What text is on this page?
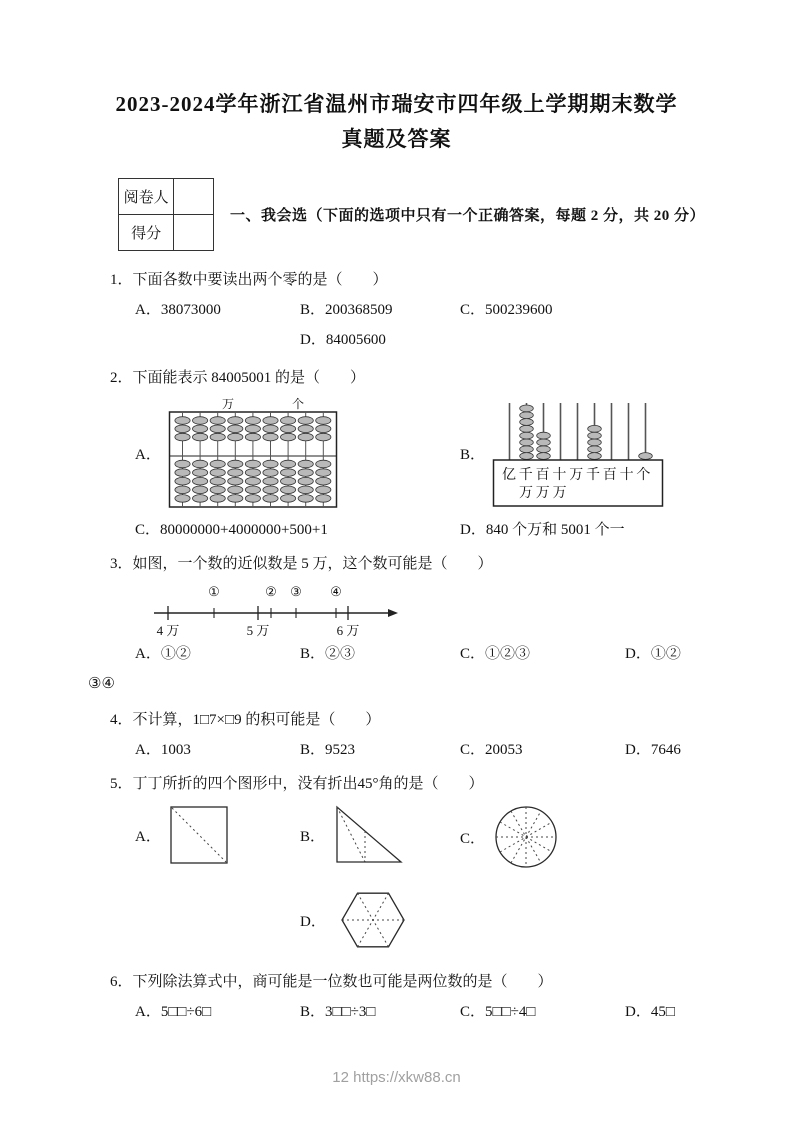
2023-2024学年浙江省温州市瑞安市四年级上学期期末数学
真题及答案
阅卷人	
得分	
一、我会选（下面的选项中只有一个正确答案，每题 2 分，共 20 分）
1．下面各数中要读出两个零的是（　　）
A．38073000	B．200368509	C．500239600
D．84005600
2．下面能表示 84005001 的是（　　）
A．
万	个
B．
亿千百十万千百十个
万万万
C．80000000+4000000+500+1	D．840 个万和 5001 个一
3．如图，一个数的近似数是 5 万，这个数可能是（　　）
4 万	5 万	6 万
①	② ③ ④
A．①②	B．②③	C．①②③	D．①②
③④
4．不计算，1□7×□9 的积可能是（　　）
A．1003	B．9523	C．20053	D．7646
5．丁丁所折的四个图形中，没有折出45°角的是（　　）
A．	B．	C．
D．
6．下列除法算式中，商可能是一位数也可能是两位数的是（　　）
A．5□□÷6□	B．3□□÷3□	C．5□□÷4□	D．45□
12 https://xkw88.cn
